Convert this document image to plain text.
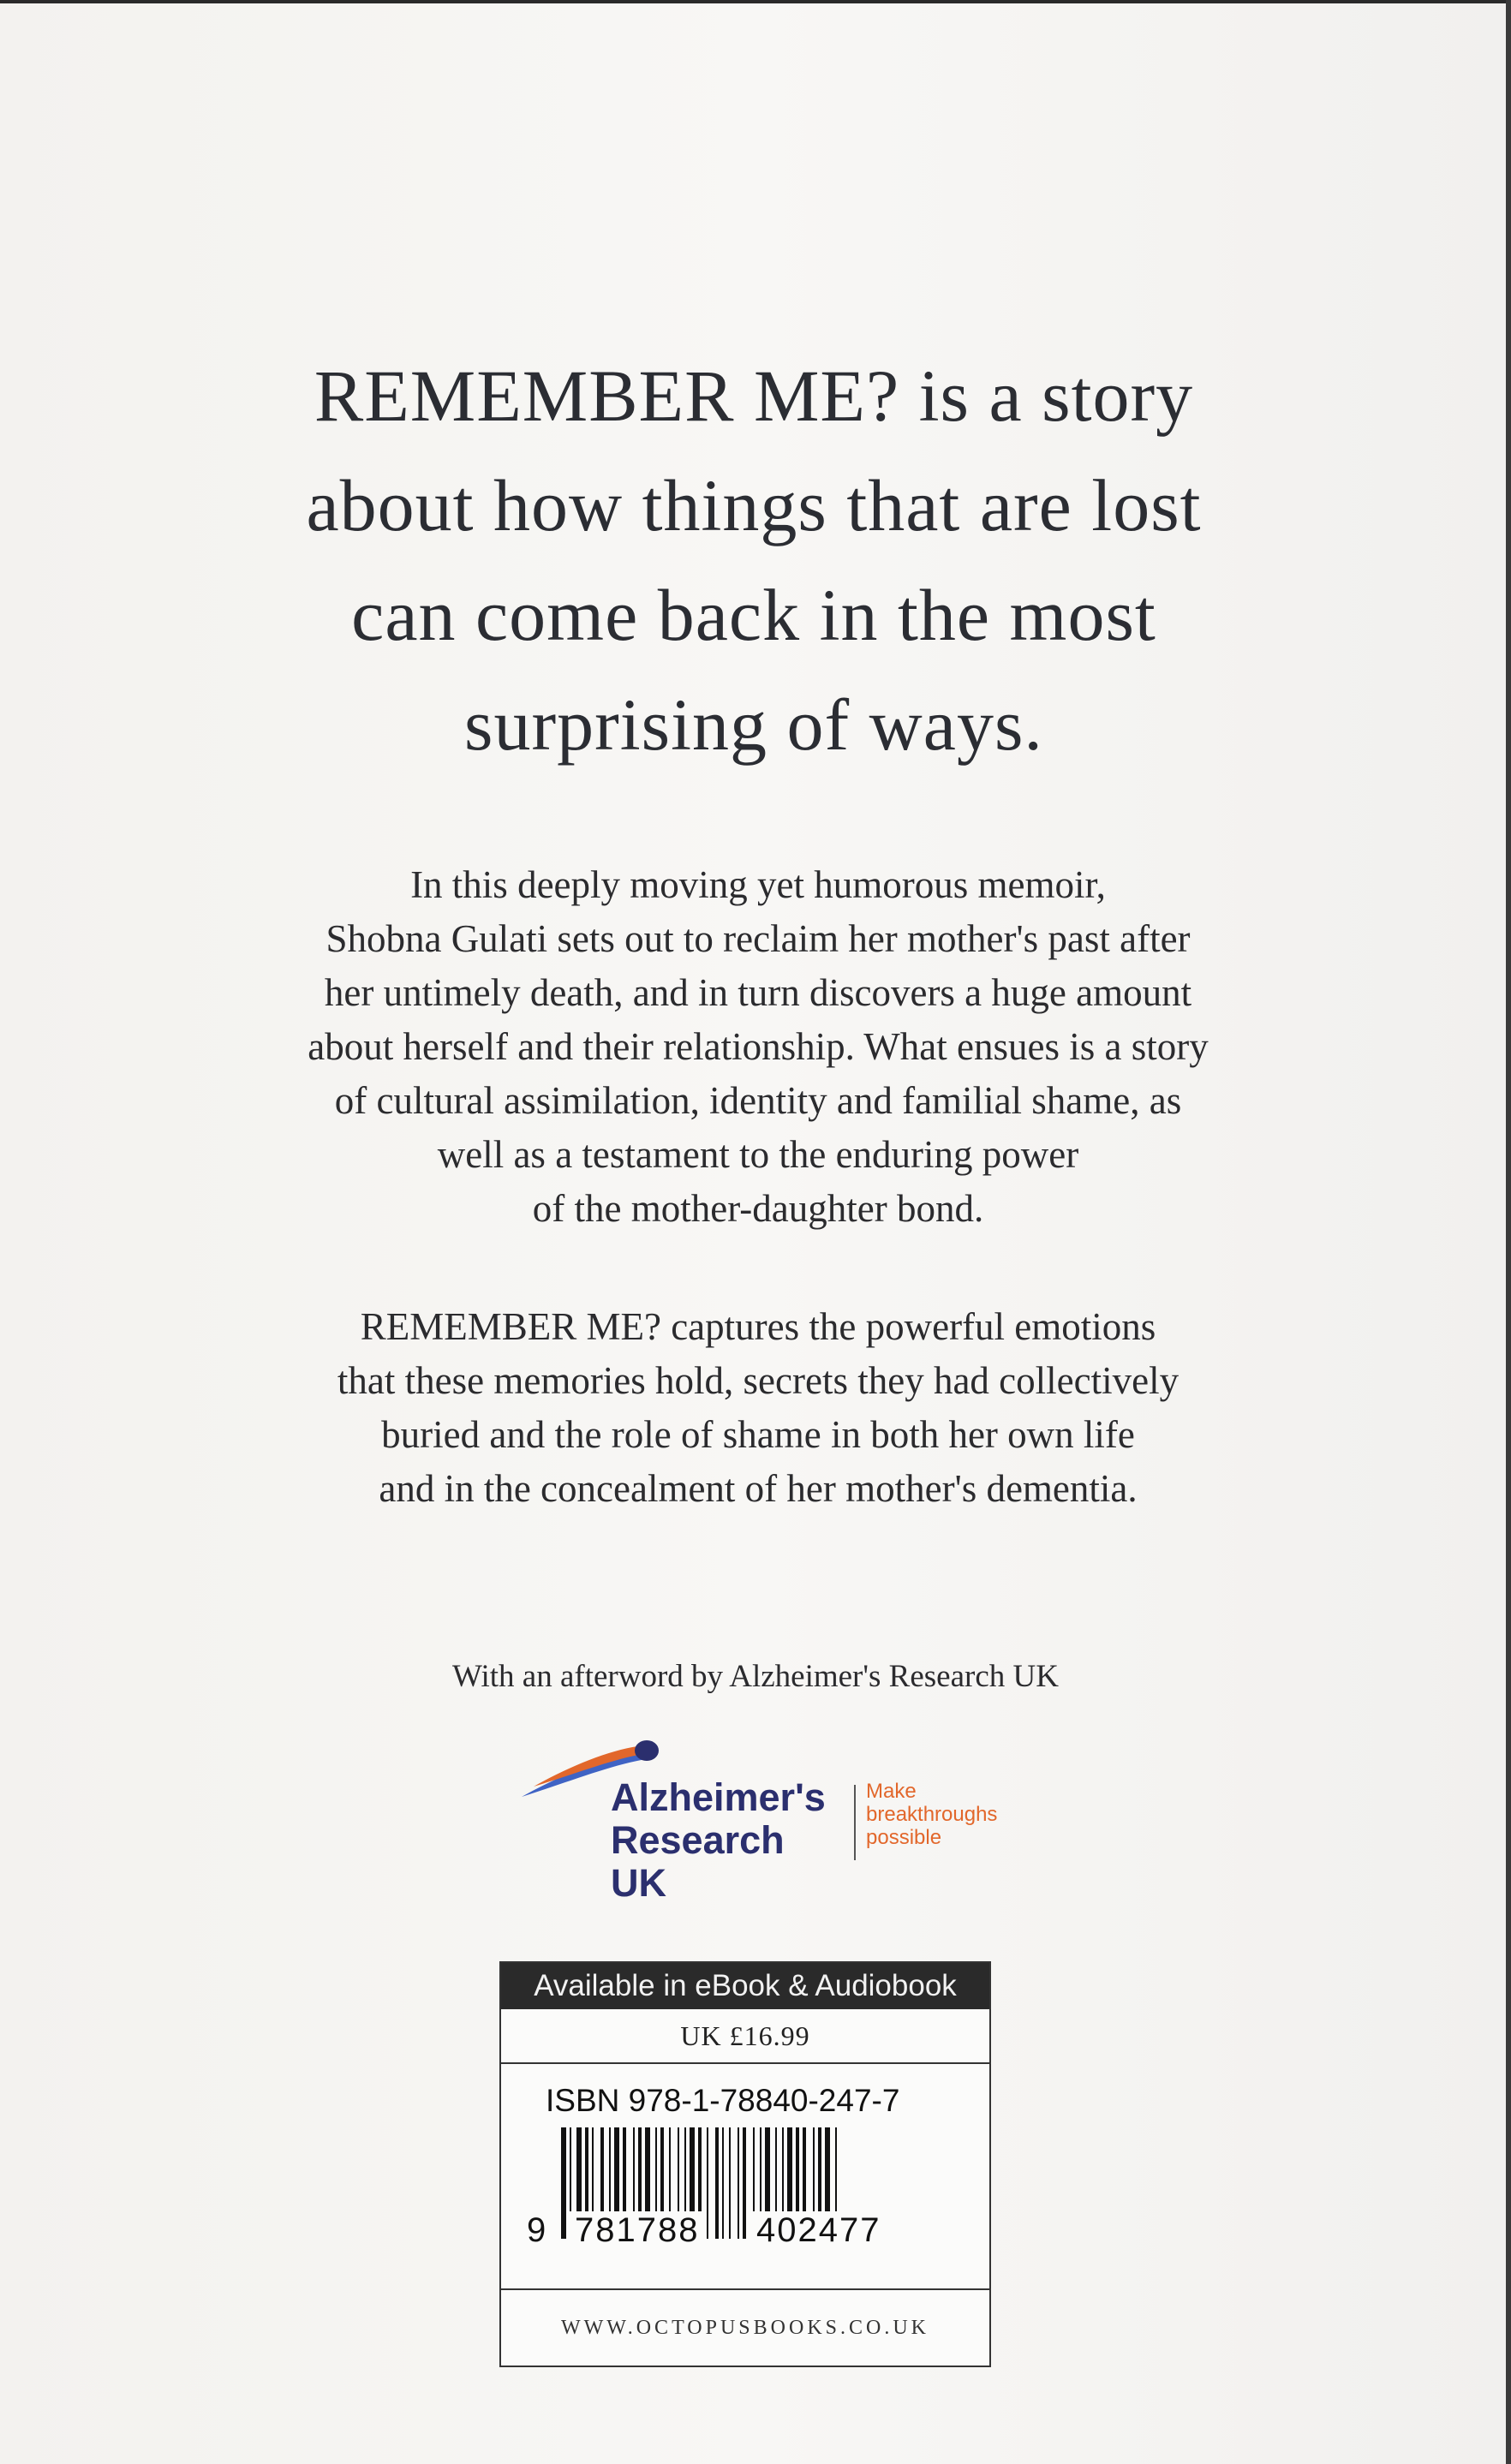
REMEMBER ME? is a story
about how things that are lost
can come back in the most
surprising of ways.

In this deeply moving yet humorous memoir,
Shobna Gulati sets out to reclaim her mother's past after
her untimely death, and in turn discovers a huge amount
about herself and their relationship. What ensues is a story
of cultural assimilation, identity and familial shame, as
well as a testament to the enduring power
of the mother-daughter bond.

REMEMBER ME? captures the powerful emotions
that these memories hold, secrets they had collectively
buried and the role of shame in both her own life
and in the concealment of her mother's dementia.

With an afterword by Alzheimer's Research UK
Alzheimer's
Research
UK
Make
breakthroughs
possible
Available in eBook & Audiobook
UK £16.99
ISBN 978-1-78840-247-7
9 781788 402477
WWW.OCTOPUSBOOKS.CO.UK
